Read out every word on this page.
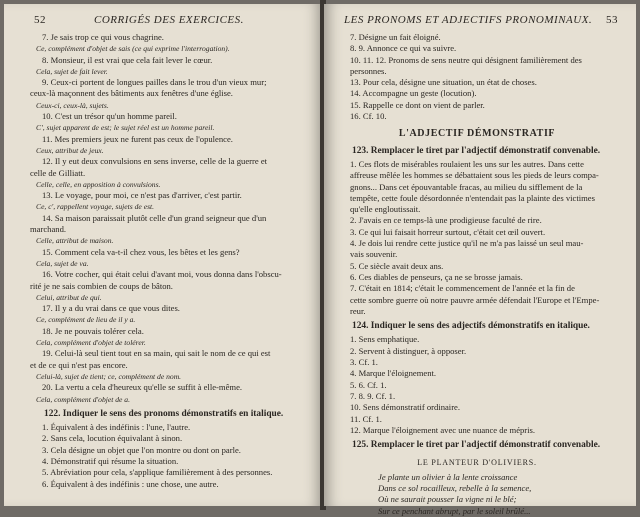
52	CORRIGÉS DES EXERCICES.
7. Je sais trop ce qui vous chagrine.
Ce, complément d'objet de sais (ce qui exprime l'interrogation).
8. Monsieur, il est vrai que cela fait lever le cœur.
Cela, sujet de fait lever.
9. Ceux-ci portent de longues pailles dans le trou d'un vieux mur;
ceux-là maçonnent des bâtiments aux fenêtres d'une église.
Ceux-ci, ceux-là, sujets.
10. C'est un trésor qu'un homme pareil.
C', sujet apparent de est; le sujet réel est un homme pareil.
11. Mes premiers jeux ne furent pas ceux de l'opulence.
Ceux, attribut de jeux.
12. Il y eut deux convulsions en sens inverse, celle de la guerre et
celle de Gilliatt.
Celle, celle, en apposition à convulsions.
13. Le voyage, pour moi, ce n'est pas d'arriver, c'est partir.
Ce, c', rappellent voyage, sujets de est.
14. Sa maison paraissait plutôt celle d'un grand seigneur que d'un
marchand.
Celle, attribut de maison.
15. Comment cela va-t-il chez vous, les bêtes et les gens?
Cela, sujet de va.
16. Votre cocher, qui était celui d'avant moi, vous donna dans l'obscu-
rité je ne sais combien de coups de bâton.
Celui, attribut de qui.
17. Il y a du vrai dans ce que vous dites.
Ce, complément de lieu de il y a.
18. Je ne pouvais tolérer cela.
Cela, complément d'objet de tolérer.
19. Celui-là seul tient tout en sa main, qui sait le nom de ce qui est
et de ce qui n'est pas encore.
Celui-là, sujet de tient; ce, complément de nom.
20. La vertu a cela d'heureux qu'elle se suffit à elle-même.
Cela, complément d'objet de a.
122. Indiquer le sens des pronoms démonstratifs en italique.
1. Équivalent à des indéfinis : l'une, l'autre.
2. Sans cela, locution équivalant à sinon.
3. Cela désigne un objet que l'on montre ou dont on parle.
4. Démonstratif qui résume la situation.
5. Abréviation pour cela, s'applique familièrement à des personnes.
6. Équivalent à des indéfinis : une chose, une autre.
LES PRONOMS ET ADJECTIFS PRONOMINAUX. 53
7. Désigne un fait éloigné.
8. 9. Annonce ce qui va suivre.
10. 11. 12. Pronoms de sens neutre qui désignent familièrement des
personnes.
13. Pour cela, désigne une situation, un état de choses.
14. Accompagne un geste (locution).
15. Rappelle ce dont on vient de parler.
16. Cf. 10.
L'ADJECTIF DÉMONSTRATIF
123. Remplacer le tiret par l'adjectif démonstratif convenable.
1. Ces flots de misérables roulaient les uns sur les autres. Dans cette
affreuse mêlée les hommes se débattaient sous les pieds de leurs compa-
gnons... Dans cet épouvantable fracas, au milieu du sifflement de la
tempête, cette foule désordonnée n'entendait pas la plainte des victimes
qu'elle engloutissait.
2. J'avais en ce temps-là une prodigieuse faculté de rire.
3. Ce qui lui faisait horreur surtout, c'était cet œil ouvert.
4. Je dois lui rendre cette justice qu'il ne m'a pas laissé un seul mau-
vais souvenir.
5. Ce siècle avait deux ans.
6. Ces diables de penseurs, ça ne se brosse jamais.
7. C'était en 1814; c'était le commencement de l'année et la fin de
cette sombre guerre où notre pauvre armée défendait l'Europe et l'Empe-
reur.
124. Indiquer le sens des adjectifs démonstratifs en italique.
1. Sens emphatique.
2. Servent à distinguer, à opposer.
3. Cf. 1.
4. Marque l'éloignement.
5. 6. Cf. 1.
7. 8. 9. Cf. 1.
10. Sens démonstratif ordinaire.
11. Cf. 1.
12. Marque l'éloignement avec une nuance de mépris.
125. Remplacer le tiret par l'adjectif démonstratif convenable.
LE PLANTEUR D'OLIVIERS.
Je plante un olivier à la lente croissance
Dans ce sol rocailleux, rebelle à la semence,
Où ne saurait pousser la vigne ni le blé;
Sur ce penchant abrupt, par le soleil brûlé...
